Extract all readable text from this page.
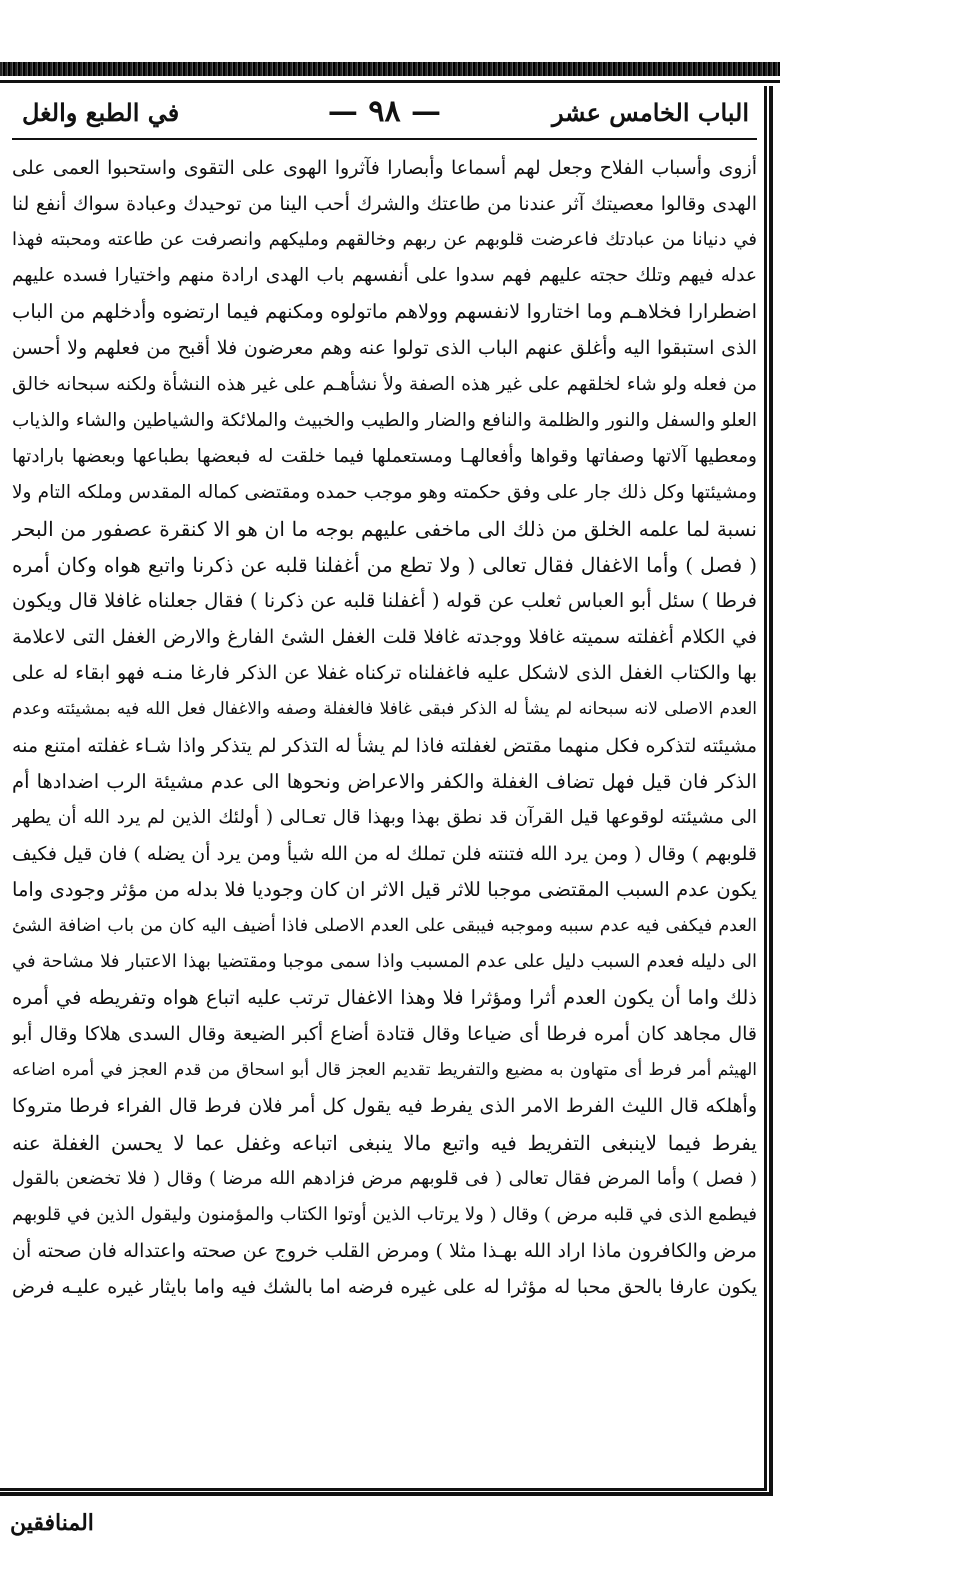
الباب الخامس عشر
— ٩٨ —
في الطبع والغل
أزوى وأسباب الفلاح وجعل لهم أسماعا وأبصارا فآثروا الهوى على التقوى واستحبوا العمى على
الهدى وقالوا معصيتك آثر عندنا من طاعتك والشرك أحب الينا من توحيدك وعبادة سواك أنفع لنا
في دنيانا من عبادتك فاعرضت قلوبهم عن ربهم وخالقهم ومليكهم وانصرفت عن طاعته ومحبته فهذا
عدله فيهم وتلك حجته عليهم فهم سدوا على أنفسهم باب الهدى ارادة منهم واختيارا فسده عليهم
اضطرارا فخلاهـم وما اختاروا لانفسهم وولاهم ماتولوه ومكنهم فيما ارتضوه وأدخلهم من الباب
الذى استبقوا اليه وأغلق عنهم الباب الذى تولوا عنه وهم معرضون فلا أقبح من فعلهم ولا أحسن
من فعله ولو شاء لخلقهم على غير هذه الصفة ولأ نشأهـم على غير هذه النشأة ولكنه سبحانه خالق
العلو والسفل والنور والظلمة والنافع والضار والطيب والخبيث والملائكة والشياطين والشاء والذياب
ومعطيها آلاتها وصفاتها وقواها وأفعالهـا ومستعملها فيما خلقت له فبعضها بطباعها وبعضها بارادتها
ومشيئتها وكل ذلك جار على وفق حكمته وهو موجب حمده ومقتضى كماله المقدس وملكه التام ولا
نسبة لما علمه الخلق من ذلك الى ماخفى عليهم بوجه ما ان هو الا كنقرة عصفور من البحر
( فصل ) وأما الاغفال فقال تعالى ( ولا تطع من أغفلنا قلبه عن ذكرنا واتبع هواه وكان أمره
فرطا ) سئل أبو العباس ثعلب عن قوله ( أغفلنا قلبه عن ذكرنا ) فقال جعلناه غافلا قال ويكون
في الكلام أغفلته سميته غافلا ووجدته غافلا قلت الغفل الشئ الفارغ والارض الغفل التى لاعلامة
بها والكتاب الغفل الذى لاشكل عليه فاغفلناه تركناه غفلا عن الذكر فارغا منـه فهو ابقاء له على
العدم الاصلى لانه سبحانه لم يشأ له الذكر فبقى غافلا فالغفلة وصفه والاغفال فعل الله فيه بمشيئته وعدم
مشيئته لتذكره فكل منهما مقتض لغفلته فاذا لم يشأ له التذكر لم يتذكر واذا شـاء غفلته امتنع منه
الذكر فان قيل فهل تضاف الغفلة والكفر والاعراض ونحوها الى عدم مشيئة الرب اضدادها أم
الى مشيئته لوقوعها قيل القرآن قد نطق بهذا وبهذا قال تعـالى ( أولئك الذين لم يرد الله أن يطهر
قلوبهم ) وقال ( ومن يرد الله فتنته فلن تملك له من الله شيأ ومن يرد أن يضله ) فان قيل فكيف
يكون عدم السبب المقتضى موجبا للاثر قيل الاثر ان كان وجوديا فلا بدله من مؤثر وجودى واما
العدم فيكفى فيه عدم سببه وموجبه فيبقى على العدم الاصلى فاذا أضيف اليه كان من باب اضافة الشئ
الى دليله فعدم السبب دليل على عدم المسبب واذا سمى موجبا ومقتضيا بهذا الاعتبار فلا مشاحة في
ذلك واما أن يكون العدم أثرا ومؤثرا فلا وهذا الاغفال ترتب عليه اتباع هواه وتفريطه في أمره
قال مجاهد كان أمره فرطا أى ضياعا وقال قتادة أضاع أكبر الضيعة وقال السدى هلاكا وقال أبو
الهيثم أمر فرط أى متهاون به مضيع والتفريط تقديم العجز قال أبو اسحاق من قدم العجز في أمره اضاعه
وأهلكه قال الليث الفرط الامر الذى يفرط فيه يقول كل أمر فلان فرط قال الفراء فرطا متروكا
يفرط فيما لاينبغى التفريط فيه واتبع مالا ينبغى اتباعه وغفل عما لا يحسن الغفلة عنه
( فصل ) وأما المرض فقال تعالى ( فى قلوبهم مرض فزادهم الله مرضا ) وقال ( فلا تخضعن بالقول
فيطمع الذى في قلبه مرض ) وقال ( ولا يرتاب الذين أوتوا الكتاب والمؤمنون وليقول الذين في قلوبهم
مرض والكافرون ماذا اراد الله بهـذا مثلا ) ومرض القلب خروج عن صحته واعتداله فان صحته أن
يكون عارفا بالحق محبا له مؤثرا له على غيره فرضه اما بالشك فيه واما بايثار غيره عليـه فرض
المنافقين
